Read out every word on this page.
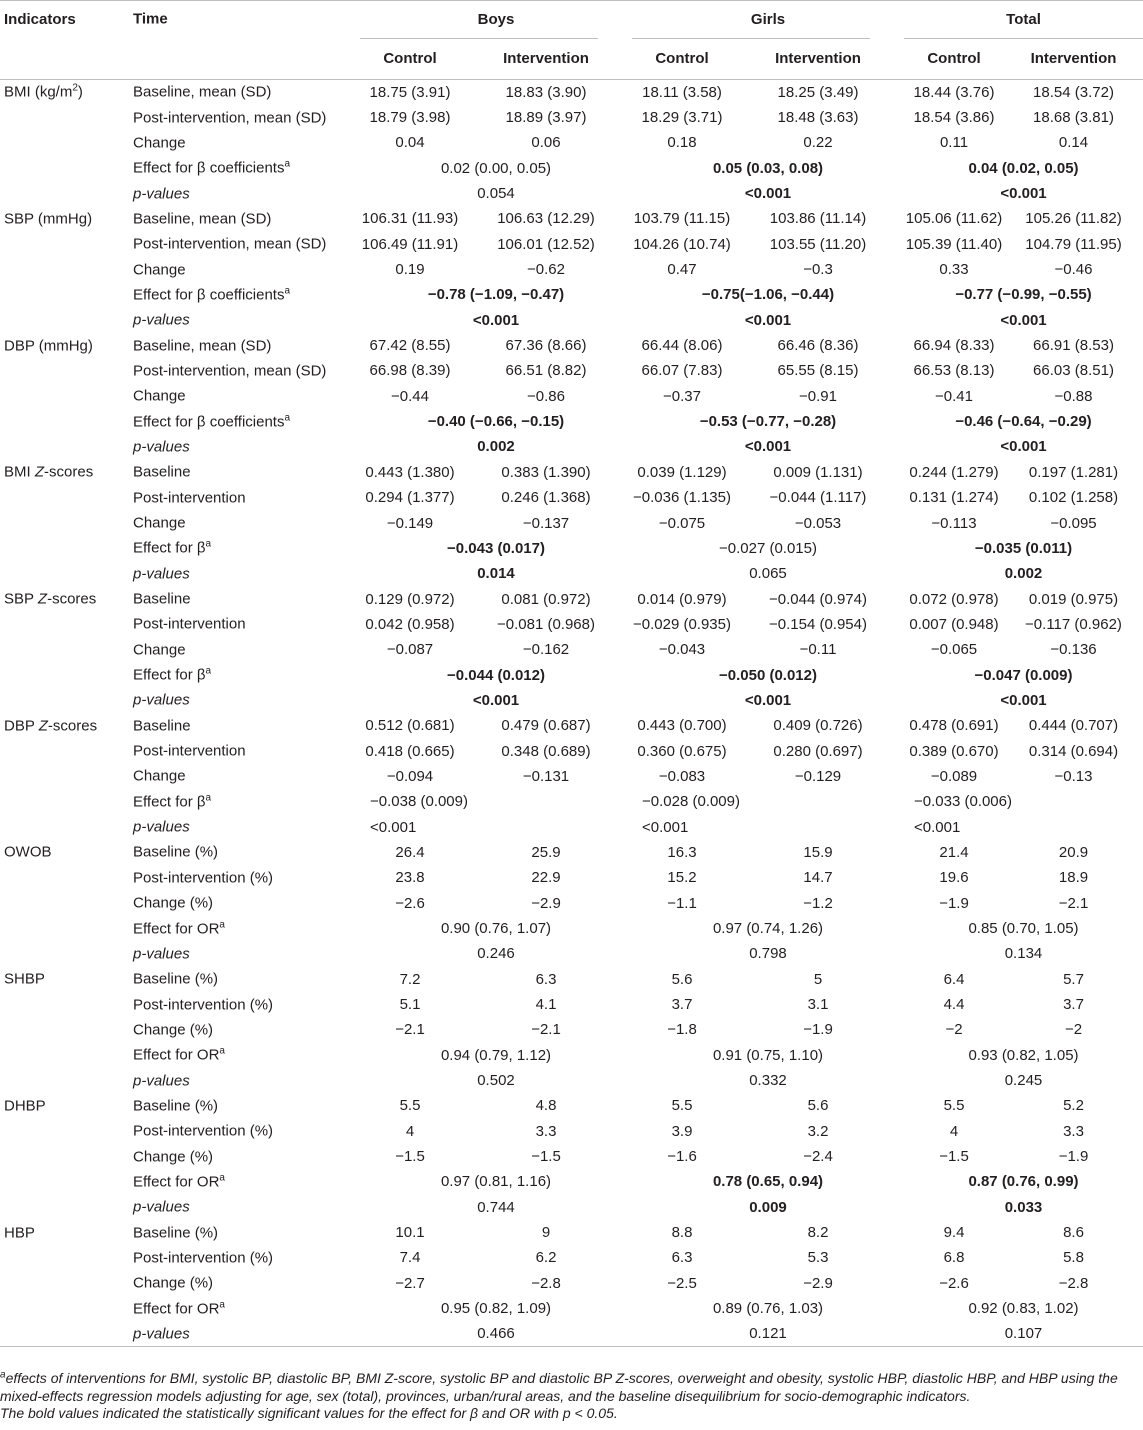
Indicators Time	Boys		Girls		Total	
	Control	Intervention	Control	Intervention	Control	Intervention

BMI $(kg/m^2)$ Baseline, mean (SD)	18.75 (3.91)	18.83 (3.90)	18.11 (3.58)	18.25 (3.49)	18.44 (3.76)	18.54 (3.72)

Post-intervention, mean (SD)	18.79 (3.98)	18.89 (3.97)	18.29 (3.71)	18.48 (3.63)	18.54 (3.86)	18.68 (3.81)

Change	0.04	0.06	0.18	0.22	0.11	0.14

Effect for β coefficients$^a$	0.02 (0.00, 0.05)		0.05 (0.03, 0.08)		0.04 (0.02, 0.05)	

p-values	0.054		<0.001		<0.001	

SBP (mmHg) Baseline, mean (SD)	106.31 (11.93)	106.63 (12.29)	103.79 (11.15)	103.86 (11.14)	105.06 (11.62)	105.26 (11.82)

Post-intervention, mean (SD)	106.49 (11.91)	106.01 (12.52)	104.26 (10.74)	103.55 (11.20)	105.39 (11.40)	104.79 (11.95)

Change	0.19	−0.62	0.47	−0.3	0.33	−0.46

Effect for β coefficients$^a$	−0.78 (−1.09, −0.47)		−0.75(−1.06, −0.44)		−0.77 (−0.99, −0.55)	

p-values	<0.001		<0.001		<0.001	

DBP (mmHg) Baseline, mean (SD)	67.42 (8.55)	67.36 (8.66)	66.44 (8.06)	66.46 (8.36)	66.94 (8.33)	66.91 (8.53)

Post-intervention, mean (SD)	66.98 (8.39)	66.51 (8.82)	66.07 (7.83)	65.55 (8.15)	66.53 (8.13)	66.03 (8.51)

Change	−0.44	−0.86	−0.37	−0.91	−0.41	−0.88

Effect for β coefficients$^a$	−0.40 (−0.66, −0.15)		−0.53 (−0.77, −0.28)		−0.46 (−0.64, −0.29)	

p-values	0.002		<0.001		<0.001	

BMI Z-scores Baseline	0.443 (1.380)	0.383 (1.390)	0.039 (1.129)	0.009 (1.131)	0.244 (1.279)	0.197 (1.281)

Post-intervention	0.294 (1.377)	0.246 (1.368)	−0.036 (1.135)	−0.044 (1.117)	0.131 (1.274)	0.102 (1.258)

Change	−0.149	−0.137	−0.075	−0.053	−0.113	−0.095

Effect for $\beta^a$	−0.043 (0.017)		−0.027 (0.015)		−0.035 (0.011)	

p-values	0.014		0.065		0.002	

SBP Z-scores Baseline	0.129 (0.972)	0.081 (0.972)	0.014 (0.979)	−0.044 (0.974)	0.072 (0.978)	0.019 (0.975)

Post-intervention	0.042 (0.958)	−0.081 (0.968)	−0.029 (0.935)	−0.154 (0.954)	0.007 (0.948)	−0.117 (0.962)

Change	−0.087	−0.162	−0.043	−0.11	−0.065	−0.136

Effect for $\beta^a$	−0.044 (0.012)		−0.050 (0.012)		−0.047 (0.009)	

p-values	<0.001		<0.001		<0.001	

DBP Z-scores Baseline	0.512 (0.681)	0.479 (0.687)	0.443 (0.700)	0.409 (0.726)	0.478 (0.691)	0.444 (0.707)

Post-intervention	0.418 (0.665)	0.348 (0.689)	0.360 (0.675)	0.280 (0.697)	0.389 (0.670)	0.314 (0.694)

Change	−0.094	−0.131	−0.083	−0.129	−0.089	−0.13

Effect for $\beta^a$	−0.038 (0.009)		−0.028 (0.009)		−0.033 (0.006)	

p-values	<0.001		<0.001		<0.001	

OWOB Baseline (%)	26.4	25.9	16.3	15.9	21.4	20.9

Post-intervention (%)	23.8	22.9	15.2	14.7	19.6	18.9

Change (%)	−2.6	−2.9	−1.1	−1.2	−1.9	−2.1

Effect for $OR^a$	0.90 (0.76, 1.07)		0.97 (0.74, 1.26)		0.85 (0.70, 1.05)	

p-values	0.246		0.798		0.134	

SHBP Baseline (%)	7.2	6.3	5.6	5	6.4	5.7

Post-intervention (%)	5.1	4.1	3.7	3.1	4.4	3.7

Change (%)	−2.1	−2.1	−1.8	−1.9	−2	−2

Effect for $OR^a$	0.94 (0.79, 1.12)		0.91 (0.75, 1.10)		0.93 (0.82, 1.05)	

p-values	0.502		0.332		0.245	

DHBP Baseline (%)	5.5	4.8	5.5	5.6	5.5	5.2

Post-intervention (%)	4	3.3	3.9	3.2	4	3.3

Change (%)	−1.5	−1.5	−1.6	−2.4	−1.5	−1.9

Effect for $OR^a$	0.97 (0.81, 1.16)		0.78 (0.65, 0.94)		0.87 (0.76, 0.99)	

p-values	0.744		0.009		0.033	

HBP Baseline (%)	10.1	9	8.8	8.2	9.4	8.6

Post-intervention (%)	7.4	6.2	6.3	5.3	6.8	5.8

Change (%)	−2.7	−2.8	−2.5	−2.9	−2.6	−2.8

Effect for $OR^a$	0.95 (0.82, 1.09)		0.89 (0.76, 1.03)		0.92 (0.83, 1.02)	

p-values	0.466		0.121		0.107	

$^a$effects of interventions for BMI, systolic BP, diastolic BP, BMI Z-score, systolic BP and diastolic BP Z-scores, overweight and obesity, systolic HBP, diastolic HBP, and HBP using the mixed-effects regression models adjusting for age, sex (total), provinces, urban/rural areas, and the baseline disequilibrium for socio-demographic indicators.

The bold values indicated the statistically significant values for the effect for β and OR with p < 0.05.
